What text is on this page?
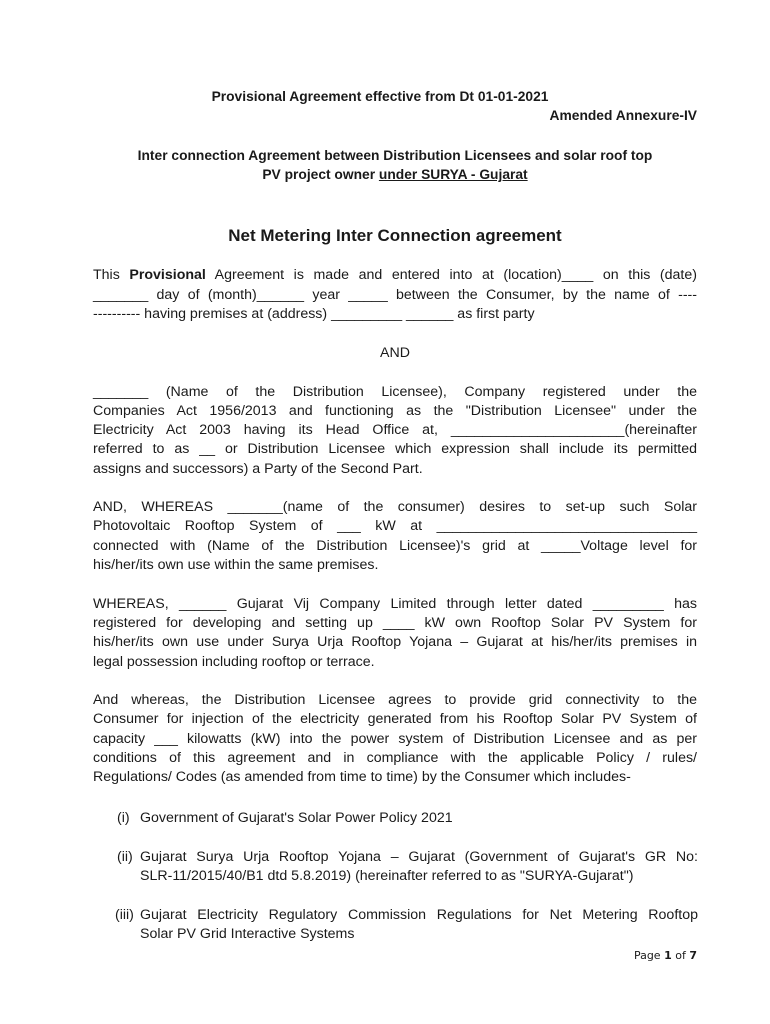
Provisional Agreement effective from Dt 01-01-2021
Amended Annexure-IV
Inter connection Agreement between Distribution Licensees and solar roof top
PV project owner under SURYA - Gujarat
Net Metering Inter Connection agreement
This Provisional Agreement is made and entered into at (location)____ on this (date)
_______ day of (month)______ year _____ between the Consumer, by the name of ----
---------- having premises at (address) _________ ______ as first party
AND
_______ (Name of the Distribution Licensee), Company registered under the
Companies Act 1956/2013 and functioning as the "Distribution Licensee" under the
Electricity Act 2003 having its Head Office at, ______________________(hereinafter
referred to as __ or Distribution Licensee which expression shall include its permitted
assigns and successors) a Party of the Second Part.
AND, WHEREAS _______(name of the consumer) desires to set-up such Solar
Photovoltaic Rooftop System of ___ kW at _________________________________
connected with (Name of the Distribution Licensee)'s grid at _____Voltage level for
his/her/its own use within the same premises.
WHEREAS, ______ Gujarat Vij Company Limited through letter dated _________ has
registered for developing and setting up ____ kW own Rooftop Solar PV System for
his/her/its own use under Surya Urja Rooftop Yojana – Gujarat at his/her/its premises in
legal possession including rooftop or terrace.
And whereas, the Distribution Licensee agrees to provide grid connectivity to the
Consumer for injection of the electricity generated from his Rooftop Solar PV System of
capacity ___ kilowatts (kW) into the power system of Distribution Licensee and as per
conditions of this agreement and in compliance with the applicable Policy / rules/
Regulations/ Codes (as amended from time to time) by the Consumer which includes-
(i) Government of Gujarat's Solar Power Policy 2021
(ii) Gujarat Surya Urja Rooftop Yojana – Gujarat (Government of Gujarat's GR No:
SLR-11/2015/40/B1 dtd 5.8.2019) (hereinafter referred to as "SURYA-Gujarat")
(iii) Gujarat Electricity Regulatory Commission Regulations for Net Metering Rooftop
Solar PV Grid Interactive Systems
Page 1 of 7
